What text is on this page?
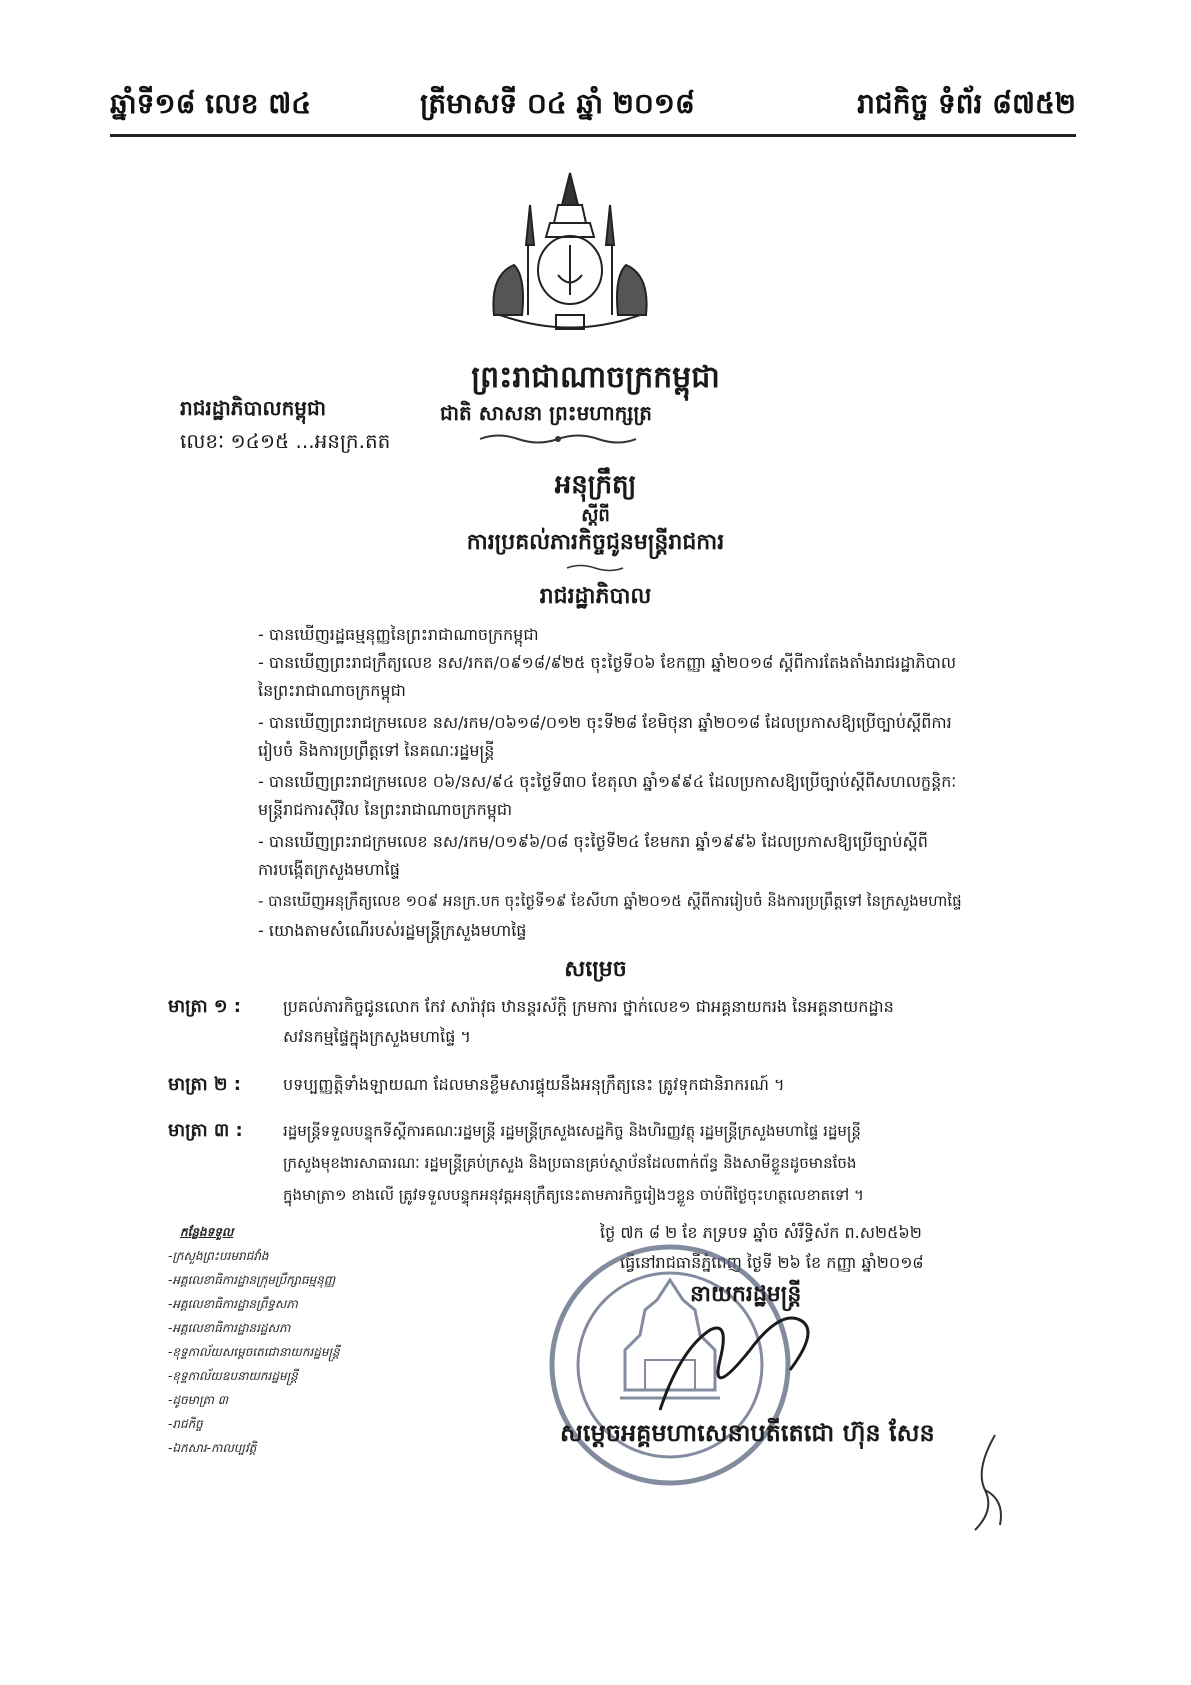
ឆ្នាំទី១៨ លេខ ៧៤	ត្រីមាសទី ០៤ ឆ្នាំ ២០១៨	រាជកិច្ច ទំព័រ ៨៧៥២
ព្រះរាជាណាចក្រកម្ពុជា
ជាតិ សាសនា ព្រះមហាក្សត្រ
រាជរដ្ឋាភិបាលកម្ពុជា
លេខៈ ១៤១៥ ...អនក្រ.តត
អនុក្រឹត្យ
ស្ដីពី
ការប្រគល់ភារកិច្ចជូនមន្ត្រីរាជការ
រាជរដ្ឋាភិបាល
- បានឃើញរដ្ឋធម្មនុញ្ញនៃព្រះរាជាណាចក្រកម្ពុជា
- បានឃើញព្រះរាជក្រឹត្យលេខ នស/រកត/០៩១៨/៩២៥ ចុះថ្ងៃទី០៦ ខែកញ្ញា ឆ្នាំ២០១៨ ស្ដីពីការតែងតាំងរាជរដ្ឋាភិបាល
នៃព្រះរាជាណាចក្រកម្ពុជា
- បានឃើញព្រះរាជក្រមលេខ នស/រកម/០៦១៨/០១២ ចុះទី២៨ ខែមិថុនា ឆ្នាំ២០១៨ ដែលប្រកាសឱ្យប្រើច្បាប់ស្ដីពីការ
រៀបចំ និងការប្រព្រឹត្តទៅ នៃគណៈរដ្ឋមន្ត្រី
- បានឃើញព្រះរាជក្រមលេខ ០៦/នស/៩៤ ចុះថ្ងៃទី៣០ ខែតុលា ឆ្នាំ១៩៩៤ ដែលប្រកាសឱ្យប្រើច្បាប់ស្ដីពីសហលក្ខន្តិកៈ
មន្ត្រីរាជការស៊ីវិល នៃព្រះរាជាណាចក្រកម្ពុជា
- បានឃើញព្រះរាជក្រមលេខ នស/រកម/០១៩៦/០៨ ចុះថ្ងៃទី២៤ ខែមករា ឆ្នាំ១៩៩៦ ដែលប្រកាសឱ្យប្រើច្បាប់ស្ដីពី
ការបង្កើតក្រសួងមហាផ្ទៃ
- បានឃើញអនុក្រឹត្យលេខ ១០៩ អនក្រ.បក ចុះថ្ងៃទី១៩ ខែសីហា ឆ្នាំ២០១៥ ស្ដីពីការរៀបចំ និងការប្រព្រឹត្តទៅ នៃក្រសួងមហាផ្ទៃ
- យោងតាមសំណើរបស់រដ្ឋមន្ត្រីក្រសួងមហាផ្ទៃ
សម្រេច
មាត្រា ១ :	ប្រគល់ភារកិច្ចជូនលោក កែវ សារ៉ាវុធ ឋានន្តរស័ក្តិ ក្រមការ ថ្នាក់លេខ១ ជាអគ្គនាយករង នៃអគ្គនាយកដ្ឋាន
សវនកម្មផ្ទៃក្នុងក្រសួងមហាផ្ទៃ ។
មាត្រា ២ :	បទប្បញ្ញត្តិទាំងឡាយណា ដែលមានខ្លឹមសារផ្ទុយនឹងអនុក្រឹត្យនេះ ត្រូវទុកជានិរាករណ៍ ។
មាត្រា ៣ :	រដ្ឋមន្ត្រីទទួលបន្ទុកទីស្ដីការគណៈរដ្ឋមន្ត្រី រដ្ឋមន្ត្រីក្រសួងសេដ្ឋកិច្ច និងហិរញ្ញវត្ថុ រដ្ឋមន្ត្រីក្រសួងមហាផ្ទៃ រដ្ឋមន្ត្រី
ក្រសួងមុខងារសាធារណៈ រដ្ឋមន្ត្រីគ្រប់ក្រសួង និងប្រធានគ្រប់ស្ថាប័នដែលពាក់ព័ន្ធ និងសាមីខ្លួនដូចមានចែង
ក្នុងមាត្រា១ ខាងលើ ត្រូវទទួលបន្ទុកអនុវត្តអនុក្រឹត្យនេះតាមភារកិច្ចរៀងៗខ្លួន ចាប់ពីថ្ងៃចុះហត្ថលេខាតទៅ ។
ថ្ងៃ ៧ក ៨ ២ ខែ ភទ្របទ ឆ្នាំច សំរឹទ្ធិស័ក ព.ស២៥៦២
ធ្វើនៅរាជធានីភ្នំពេញ ថ្ងៃទី ២៦ ខែ កញ្ញា ឆ្នាំ២០១៨
នាយករដ្ឋមន្ត្រី
សម្តេចអគ្គមហាសេនាបតីតេជោ ហ៊ុន សែន
កន្លែងទទួល
-ក្រសួងព្រះបរមរាជវាំង
-អគ្គលេខាធិការដ្ឋានក្រុមប្រឹក្សាធម្មនុញ្ញ
-អគ្គលេខាធិការដ្ឋានព្រឹទ្ធសភា
-អគ្គលេខាធិការដ្ឋានរដ្ឋសភា
-ខុទ្ទកាល័យសម្តេចតេជោនាយករដ្ឋមន្ត្រី
-ខុទ្ទកាល័យឧបនាយករដ្ឋមន្ត្រី
-ដូចមាត្រា ៣
-រាជកិច្ច
-ឯកសារ-កាលប្បវត្តិ
